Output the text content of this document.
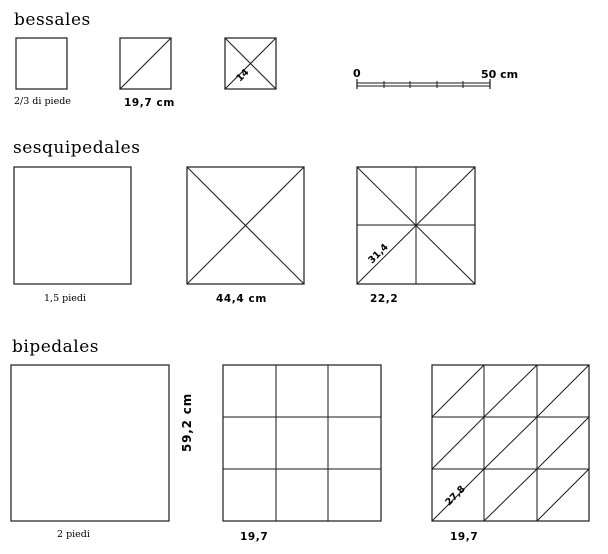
bessales
2/3 di piede	19,7 cm
14	0	50 cm
sesquipedales
1,5 piedi	44,4 cm
31,4
22,2
bipedales
2 piedi
59,2 cm
19,7
27,8
19,7
